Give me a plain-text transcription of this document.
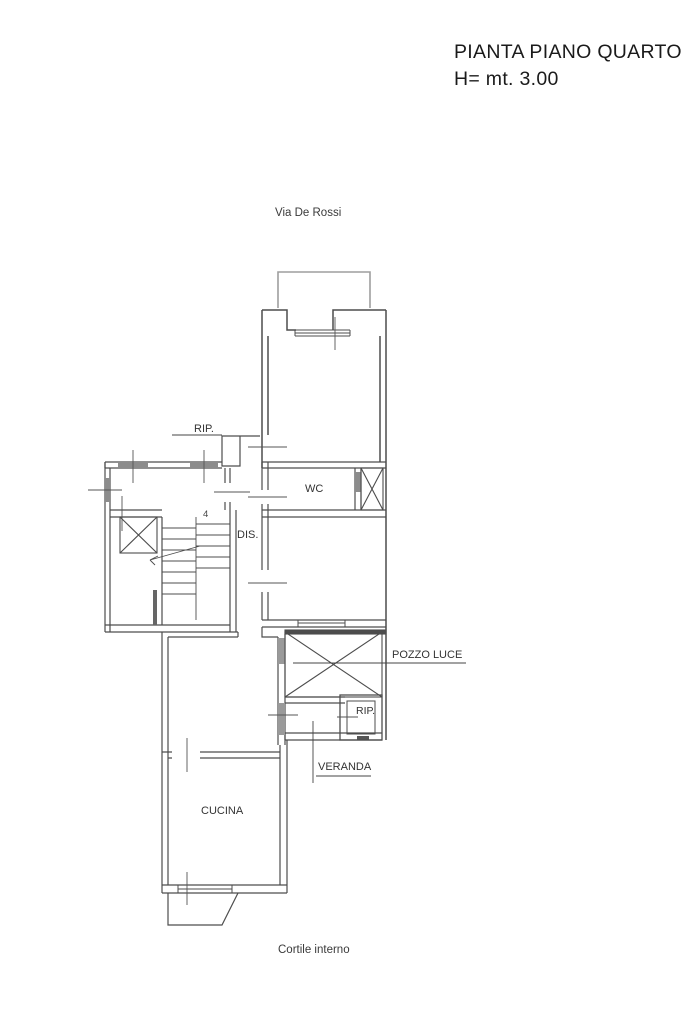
PIANTA PIANO QUARTO
H= mt. 3.00
Via De Rossi
RIP.
WC
DIS.
4
POZZO LUCE
RIP.
VERANDA
CUCINA
Cortile interno
